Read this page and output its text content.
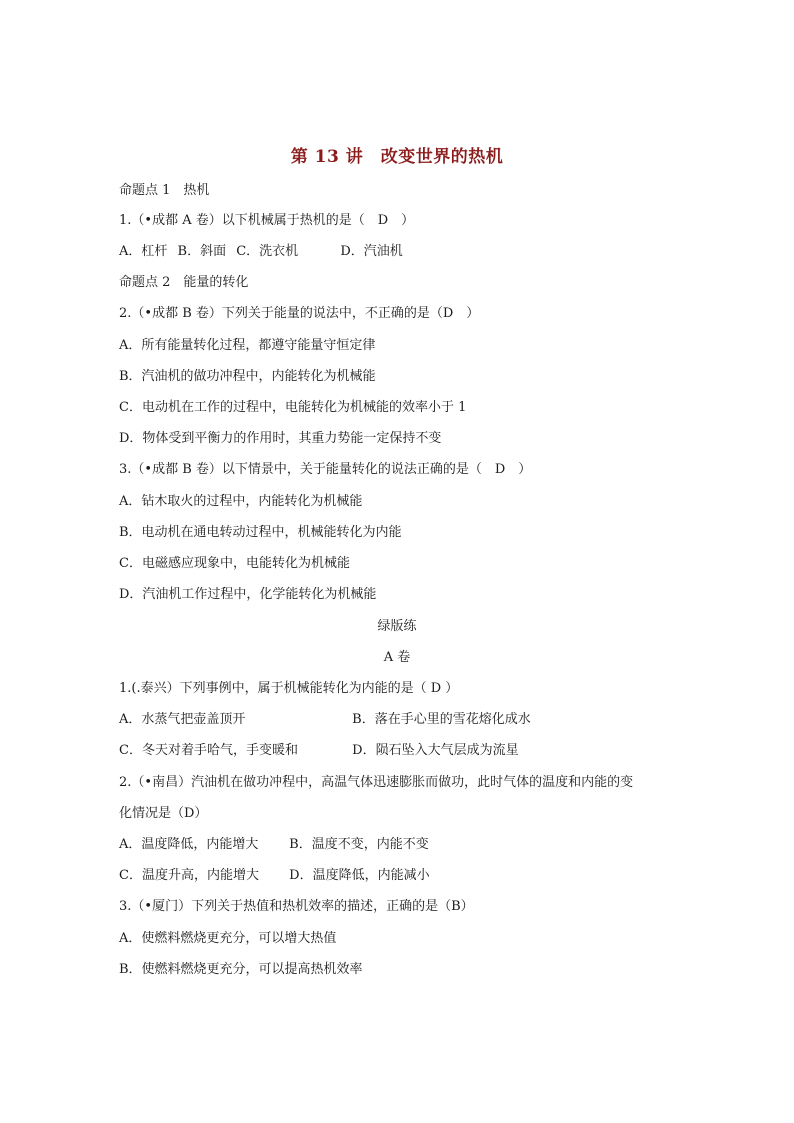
第 13 讲　改变世界的热机
命题点 1　热机
1.（•成都 A 卷）以下机械属于热机的是（　D　）
A．杠杆 B．斜面 C．洗衣机	D．汽油机
命题点 2　能量的转化
2.（•成都 B 卷）下列关于能量的说法中，不正确的是（D　）
A．所有能量转化过程，都遵守能量守恒定律
B．汽油机的做功冲程中，内能转化为机械能
C．电动机在工作的过程中，电能转化为机械能的效率小于 1
D．物体受到平衡力的作用时，其重力势能一定保持不变
3.（•成都 B 卷）以下情景中，关于能量转化的说法正确的是（　D　）
A．钻木取火的过程中，内能转化为机械能
B．电动机在通电转动过程中，机械能转化为内能
C．电磁感应现象中，电能转化为机械能
D．汽油机工作过程中，化学能转化为机械能
绿版练
A 卷
1.(.泰兴）下列事例中，属于机械能转化为内能的是（ D ）
A．水蒸气把壶盖顶开	B．落在手心里的雪花熔化成水
C．冬天对着手哈气，手变暖和	D．陨石坠入大气层成为流星
2.（•南昌）汽油机在做功冲程中，高温气体迅速膨胀而做功，此时气体的温度和内能的变
化情况是（D）
A．温度降低，内能增大 B．温度不变，内能不变
C．温度升高，内能增大 D．温度降低，内能减小
3.（•厦门）下列关于热值和热机效率的描述，正确的是（B）
A．使燃料燃烧更充分，可以增大热值
B．使燃料燃烧更充分，可以提高热机效率
